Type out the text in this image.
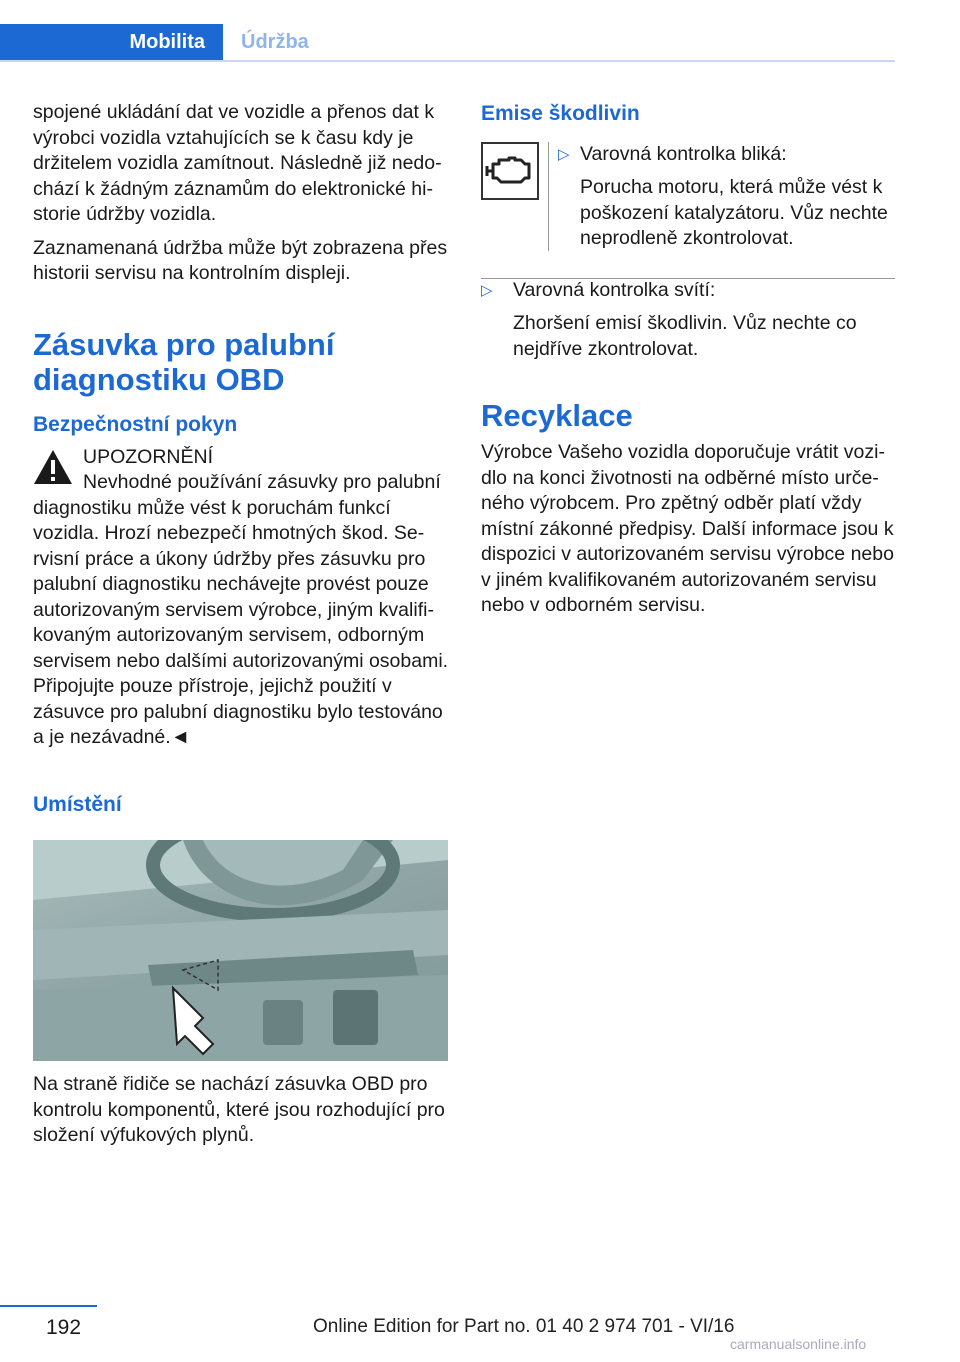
Mobilita	Údržba

spojené ukládání dat ve vozidle a přenos dat k výrobci vozidla vztahujících se k času kdy je držitelem vozidla zamítnout. Následně již nedochází k žádným záznamům do elektronické historie údržby vozidla.

Zaznamenaná údržba může být zobrazena přes historii servisu na kontrolním displeji.

Zásuvka pro palubní diagnostiku OBD
Bezpečnostní pokyn

UPOZORNĚNÍ

Nevhodné používání zásuvky pro palubní

diagnostiku může vést k poruchám funkcí vozidla. Hrozí nebezpečí hmotných škod. Servisní práce a úkony údržby přes zásuvku pro palubní diagnostiku nechávejte provést pouze autorizovaným servisem výrobce, jiným kvalifikovaným autorizovaným servisem, odborným servisem nebo dalšími autorizovanými osobami. Připojujte pouze přístroje, jejichž použití v zásuvce pro palubní diagnostiku bylo testováno a je nezávadné.◄

Umístění

Na straně řidiče se nachází zásuvka OBD pro kontrolu komponentů, které jsou rozhodující pro složení výfukových plynů.

Emise škodlivin
▷ Varovná kontrolka bliká:

Porucha motoru, která může vést k poškození katalyzátoru. Vůz nechte neprodleně zkontrolovat.

▷ Varovná kontrolka svítí:

Zhoršení emisí škodlivin. Vůz nechte co nejdříve zkontrolovat.

Recyklace

Výrobce Vašeho vozidla doporučuje vrátit vozidlo na konci životnosti na odběrné místo určeného výrobcem. Pro zpětný odběr platí vždy místní zákonné předpisy. Další informace jsou k dispozici v autorizovaném servisu výrobce nebo v jiném kvalifikovaném autorizovaném servisu nebo v odborném servisu.

192	Online Edition for Part no. 01 40 2 974 701 - VI/16
carmanualsonline.info
